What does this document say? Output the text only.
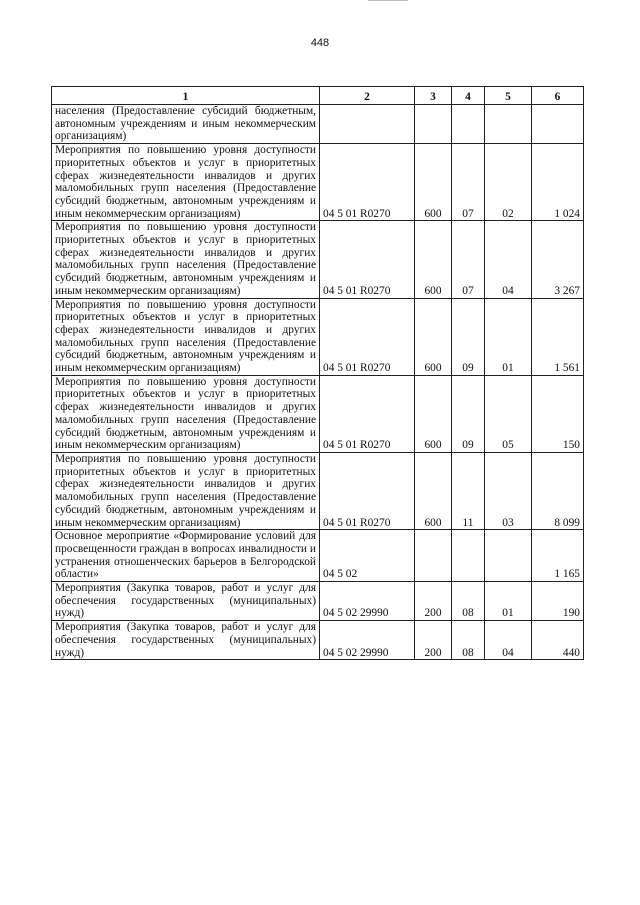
448
1	2	3	4	5	6
населения (Предоставление субсидий бюджетным, автономным учреждениям и иным некоммерческим организациям)					
Мероприятия по повышению уровня доступности приоритетных объектов и услуг в приоритетных сферах жизнедеятельности инвалидов и других маломобильных групп населения (Предоставление субсидий бюджетным, автономным учреждениям и иным некоммерческим организациям)	04 5 01 R0270	600	07	02	1 024
Мероприятия по повышению уровня доступности приоритетных объектов и услуг в приоритетных сферах жизнедеятельности инвалидов и других маломобильных групп населения (Предоставление субсидий бюджетным, автономным учреждениям и иным некоммерческим организациям)	04 5 01 R0270	600	07	04	3 267
Мероприятия по повышению уровня доступности приоритетных объектов и услуг в приоритетных сферах жизнедеятельности инвалидов и других маломобильных групп населения (Предоставление субсидий бюджетным, автономным учреждениям и иным некоммерческим организациям)	04 5 01 R0270	600	09	01	1 561
Мероприятия по повышению уровня доступности приоритетных объектов и услуг в приоритетных сферах жизнедеятельности инвалидов и других маломобильных групп населения (Предоставление субсидий бюджетным, автономным учреждениям и иным некоммерческим организациям)	04 5 01 R0270	600	09	05	150
Мероприятия по повышению уровня доступности приоритетных объектов и услуг в приоритетных сферах жизнедеятельности инвалидов и других маломобильных групп населения (Предоставление субсидий бюджетным, автономным учреждениям и иным некоммерческим организациям)	04 5 01 R0270	600	11	03	8 099
Основное мероприятие «Формирование условий для просвещенности граждан в вопросах инвалидности и устранения отношенческих барьеров в Белгородской области»	04 5 02				1 165
Мероприятия (Закупка товаров, работ и услуг для обеспечения государственных (муниципальных) нужд)	04 5 02 29990	200	08	01	190
Мероприятия (Закупка товаров, работ и услуг для обеспечения государственных (муниципальных) нужд)	04 5 02 29990	200	08	04	440
